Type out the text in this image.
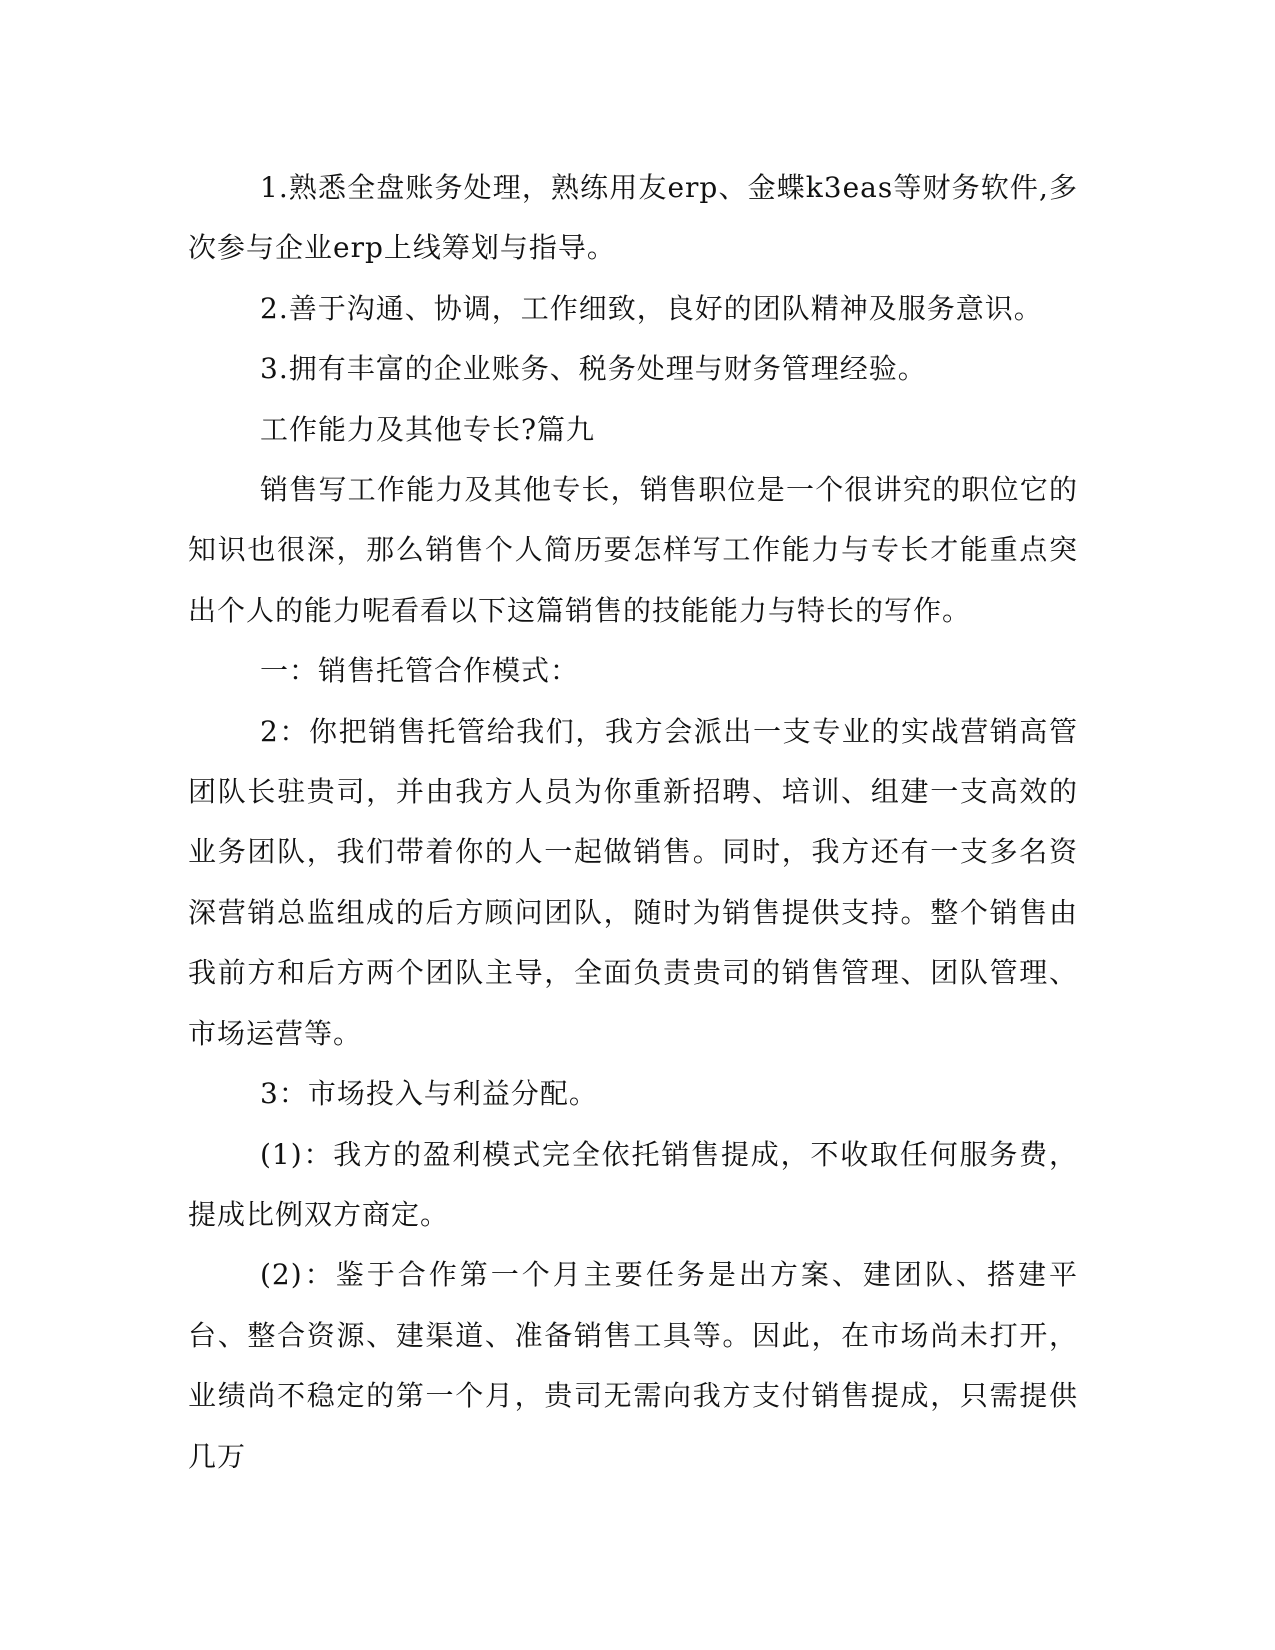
1.熟悉全盘账务处理，熟练用友erp、金蝶k3eas等财务软件,多次参与企业erp上线筹划与指导。

2.善于沟通、协调，工作细致，良好的团队精神及服务意识。

3.拥有丰富的企业账务、税务处理与财务管理经验。

工作能力及其他专长?篇九

销售写工作能力及其他专长，销售职位是一个很讲究的职位它的知识也很深，那么销售个人简历要怎样写工作能力与专长才能重点突出个人的能力呢看看以下这篇销售的技能能力与特长的写作。

一：销售托管合作模式：

2：你把销售托管给我们，我方会派出一支专业的实战营销高管团队长驻贵司，并由我方人员为你重新招聘、培训、组建一支高效的业务团队，我们带着你的人一起做销售。同时，我方还有一支多名资深营销总监组成的后方顾问团队，随时为销售提供支持。整个销售由我前方和后方两个团队主导，全面负责贵司的销售管理、团队管理、市场运营等。

3：市场投入与利益分配。

(1)：我方的盈利模式完全依托销售提成，不收取任何服务费，提成比例双方商定。

(2)：鉴于合作第一个月主要任务是出方案、建团队、搭建平台、整合资源、建渠道、准备销售工具等。因此，在市场尚未打开，业绩尚不稳定的第一个月，贵司无需向我方支付销售提成，只需提供几万
